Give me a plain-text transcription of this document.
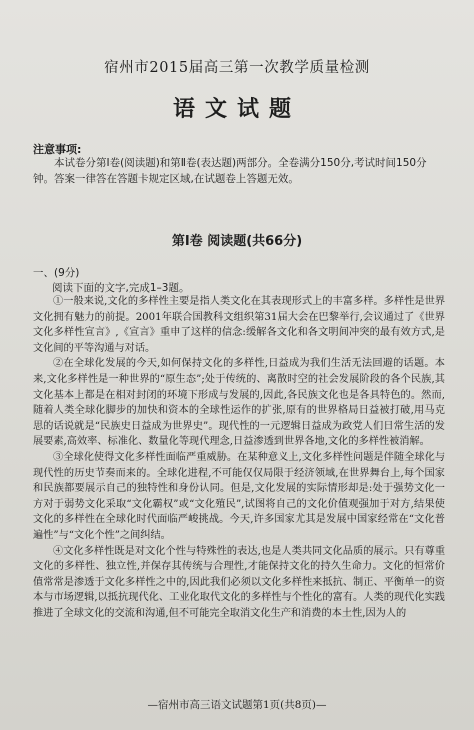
宿州市2015届高三第一次教学质量检测
语文试题
注意事项:
本试卷分第Ⅰ卷(阅读题)和第Ⅱ卷(表达题)两部分。全卷满分150分,考试时间150分钟。答案一律答在答题卡规定区域,在试题卷上答题无效。
第Ⅰ卷 阅读题(共66分)
一、(9分)
阅读下面的文字,完成1–3题。

①一般来说,文化的多样性主要是指人类文化在其表现形式上的丰富多样。多样性是世界文化拥有魅力的前提。2001年联合国教科文组织第31届大会在巴黎举行,会议通过了《世界文化多样性宣言》,《宣言》重申了这样的信念:缓解各文化和各文明间冲突的最有效方式,是文化间的平等沟通与对话。

②在全球化发展的今天,如何保持文化的多样性,日益成为我们生活无法回避的话题。本来,文化多样性是一种世界的“原生态”;处于传统的、离散时空的社会发展阶段的各个民族,其文化基本上都是在相对封闭的环境下形成与发展的,因此,各民族文化也是各具特色的。然而,随着人类全球化脚步的加快和资本的全球性运作的扩张,原有的世界格局日益被打破,用马克思的话说就是“民族史日益成为世界史”。现代性的一元逻辑日益成为政党人们日常生活的发展要素,高效率、标准化、数量化等现代理念,日益渗透到世界各地,文化的多样性被消解。

③全球化使得文化多样性面临严重威胁。在某种意义上,文化多样性问题是伴随全球化与现代性的历史节奏而来的。全球化进程,不可能仅仅局限于经济领域,在世界舞台上,每个国家和民族都要展示自己的独特性和身份认同。但是,文化发展的实际情形却是:处于强势文化一方对于弱势文化采取“文化霸权”或“文化殖民”,试图将自己的文化价值观强加于对方,结果使文化的多样性在全球化时代面临严峻挑战。今天,许多国家尤其是发展中国家经常在“文化普遍性”与“文化个性”之间纠结。

④文化多样性既是对文化个性与特殊性的表达,也是人类共同文化品质的展示。只有尊重文化的多样性、独立性,并保存其传统与合理性,才能保持文化的持久生命力。文化的恒常价值常常是渗透于文化多样性之中的,因此我们必须以文化多样性来抵抗、制正、平衡单一的资本与市场逻辑,以抵抗现代化、工业化取代文化的多样性与个性化的富有。人类的现代化实践推进了全球文化的交流和沟通,但不可能完全取消文化生产和消费的本土性,因为人的

—宿州市高三语文试题第1页(共8页)—
